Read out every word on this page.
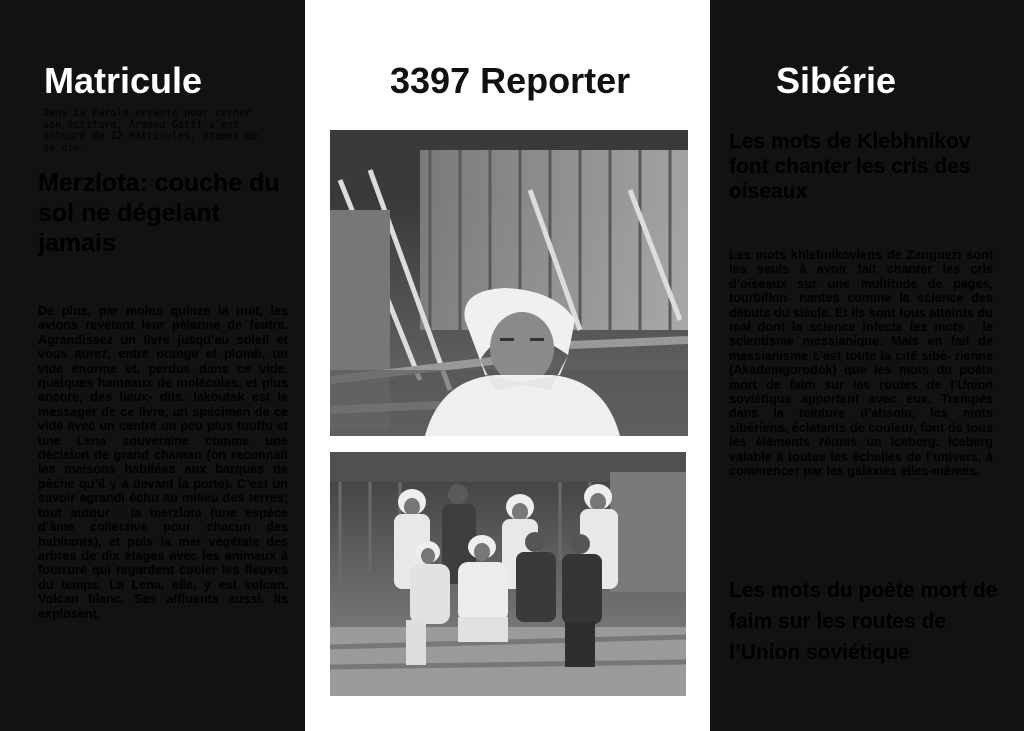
Matricule
Dans La Parole errante pour cerner son écriture, Armand Gatti s’est entouré de 12 matricules, étapes de sa vie.
Merzlota: couche du sol ne dégelant jamais
De plus, par moins quinze la nuit, les avions revêtent leur pèlerine de feutre. Agrandissez un livre jusqu’au soleil et vous aurez, entre orange et plomb, un vide énorme et, perdus dans ce vide, quelques hameaux de molécules, et plus encore, des lieux- dits. Iakoutsk est le messager de ce livre, un spécimen de ce vide avec un centre un peu plus touffu et une Lena souveraine comme une décision de grand chaman (on reconnaît les maisons habitées aux barques de pêche qu’il y a devant la porte). C’est un savoir agrandi échu au milieu des terres; tout autour : la merzlota (une espèce d’âme collective pour chacun des habitants), et puis la mer végétale des arbres de dix étages avec les animaux à fourrure qui regardent couler les fleuves du temps. La Lena, elle, y est volcan. Volcan blanc. Ses affluents aussi. Ils explosent.
3397 Reporter	Sibérie
Les mots de Klebhnikov font chanter les cris des oiseaux
Les mots khlebnikoviens de Zanguezi sont les seuls à avoir fait chanter les cris d’oiseaux sur une multitude de pages, tourbillon- nantes comme la science des débuts du siècle. Et ils sont tous atteints du mal dont la science infecte les mots : le scientisme messianique. Mais en fait de messianisme c’est toute la cité sibé- rienne (Akademgorodok) que les mots du poète mort de faim sur les routes de l’Union soviétique apportent avec eux. Trempés dans la teinture d’absolu, les mots sibériens, éclatants de couleur, font de tous les éléments réunis un iceberg. Iceberg valable à toutes les échelles de l’univers, à commencer par les galaxies elles-mêmes.
Les mots du poète mort de faim sur les routes de l’Union soviétique
